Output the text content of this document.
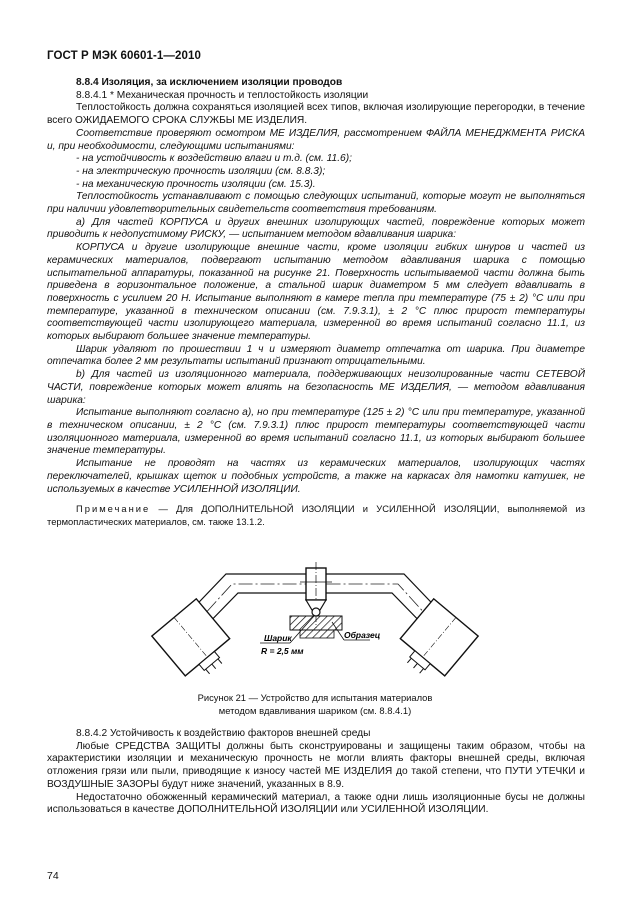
ГОСТ Р МЭК 60601-1—2010

8.8.4 Изоляция, за исключением изоляции проводов

8.8.4.1 * Механическая прочность и теплостойкость изоляции

Теплостойкость должна сохраняться изоляцией всех типов, включая изолирующие перегородки, в течение всего ОЖИДАЕМОГО СРОКА СЛУЖБЫ МЕ ИЗДЕЛИЯ.

Соответствие проверяют осмотром МЕ ИЗДЕЛИЯ, рассмотрением ФАЙЛА МЕНЕДЖМЕНТА РИСКА и, при необходимости, следующими испытаниями:

- на устойчивость к воздействию влаги и т.д. (см. 11.6);

- на электрическую прочность изоляции (см. 8.8.3);

- на механическую прочность изоляции (см. 15.3).

Теплостойкость устанавливают с помощью следующих испытаний, которые могут не выполняться при наличии удовлетворительных свидетельств соответствия требованиям.

а) Для частей КОРПУСА и других внешних изолирующих частей, повреждение которых может приводить к недопустимому РИСКУ, — испытанием методом вдавливания шарика:

КОРПУСА и другие изолирующие внешние части, кроме изоляции гибких шнуров и частей из керамических материалов, подвергают испытанию методом вдавливания шарика с помощью испытательной аппаратуры, показанной на рисунке 21. Поверхность испытываемой части должна быть приведена в горизонтальное положение, а стальной шарик диаметром 5 мм следует вдавливать в поверхность с усилием 20 Н. Испытание выполняют в камере тепла при температуре (75 ± 2) °С или при температуре, указанной в техническом описании (см. 7.9.3.1), ± 2 °С плюс прирост температуры соответствующей части изолирующего материала, измеренной во время испытаний согласно 11.1, из которых выбирают большее значение температуры.

Шарик удаляют по прошествии 1 ч и измеряют диаметр отпечатка от шарика. При диаметре отпечатка более 2 мм результаты испытаний признают отрицательными.

b) Для частей из изоляционного материала, поддерживающих неизолированные части СЕТЕВОЙ ЧАСТИ, повреждение которых может влиять на безопасность МЕ ИЗДЕЛИЯ, — методом вдавливания шарика:

Испытание выполняют согласно а), но при температуре (125 ± 2) °С или при температуре, указанной в техническом описании, ± 2 °С (см. 7.9.3.1) плюс прирост температуры соответствующей части изоляционного материала, измеренной во время испытаний согласно 11.1, из которых выбирают большее значение температуры.

Испытание не проводят на частях из керамических материалов, изолирующих частях переключателей, крышках щеток и подобных устройств, а также на каркасах для намотки катушек, не используемых в качестве УСИЛЕННОЙ ИЗОЛЯЦИИ.

Примечание — Для ДОПОЛНИТЕЛЬНОЙ ИЗОЛЯЦИИ и УСИЛЕННОЙ ИЗОЛЯЦИИ, выполняемой из термопластических материалов, см. также 13.1.2.

Шарик
R = 2,5 мм
Образец
Рисунок 21 — Устройство для испытания материалов
методом вдавливания шариком (см. 8.8.4.1)

8.8.4.2 Устойчивость к воздействию факторов внешней среды

Любые СРЕДСТВА ЗАЩИТЫ должны быть сконструированы и защищены таким образом, чтобы на характеристики изоляции и механическую прочность не могли влиять факторы внешней среды, включая отложения грязи или пыли, приводящие к износу частей МЕ ИЗДЕЛИЯ до такой степени, что ПУТИ УТЕЧКИ и ВОЗДУШНЫЕ ЗАЗОРЫ будут ниже значений, указанных в 8.9.

Недостаточно обожженный керамический материал, а также одни лишь изоляционные бусы не должны использоваться в качестве ДОПОЛНИТЕЛЬНОЙ ИЗОЛЯЦИИ или УСИЛЕННОЙ ИЗОЛЯЦИИ.

74
